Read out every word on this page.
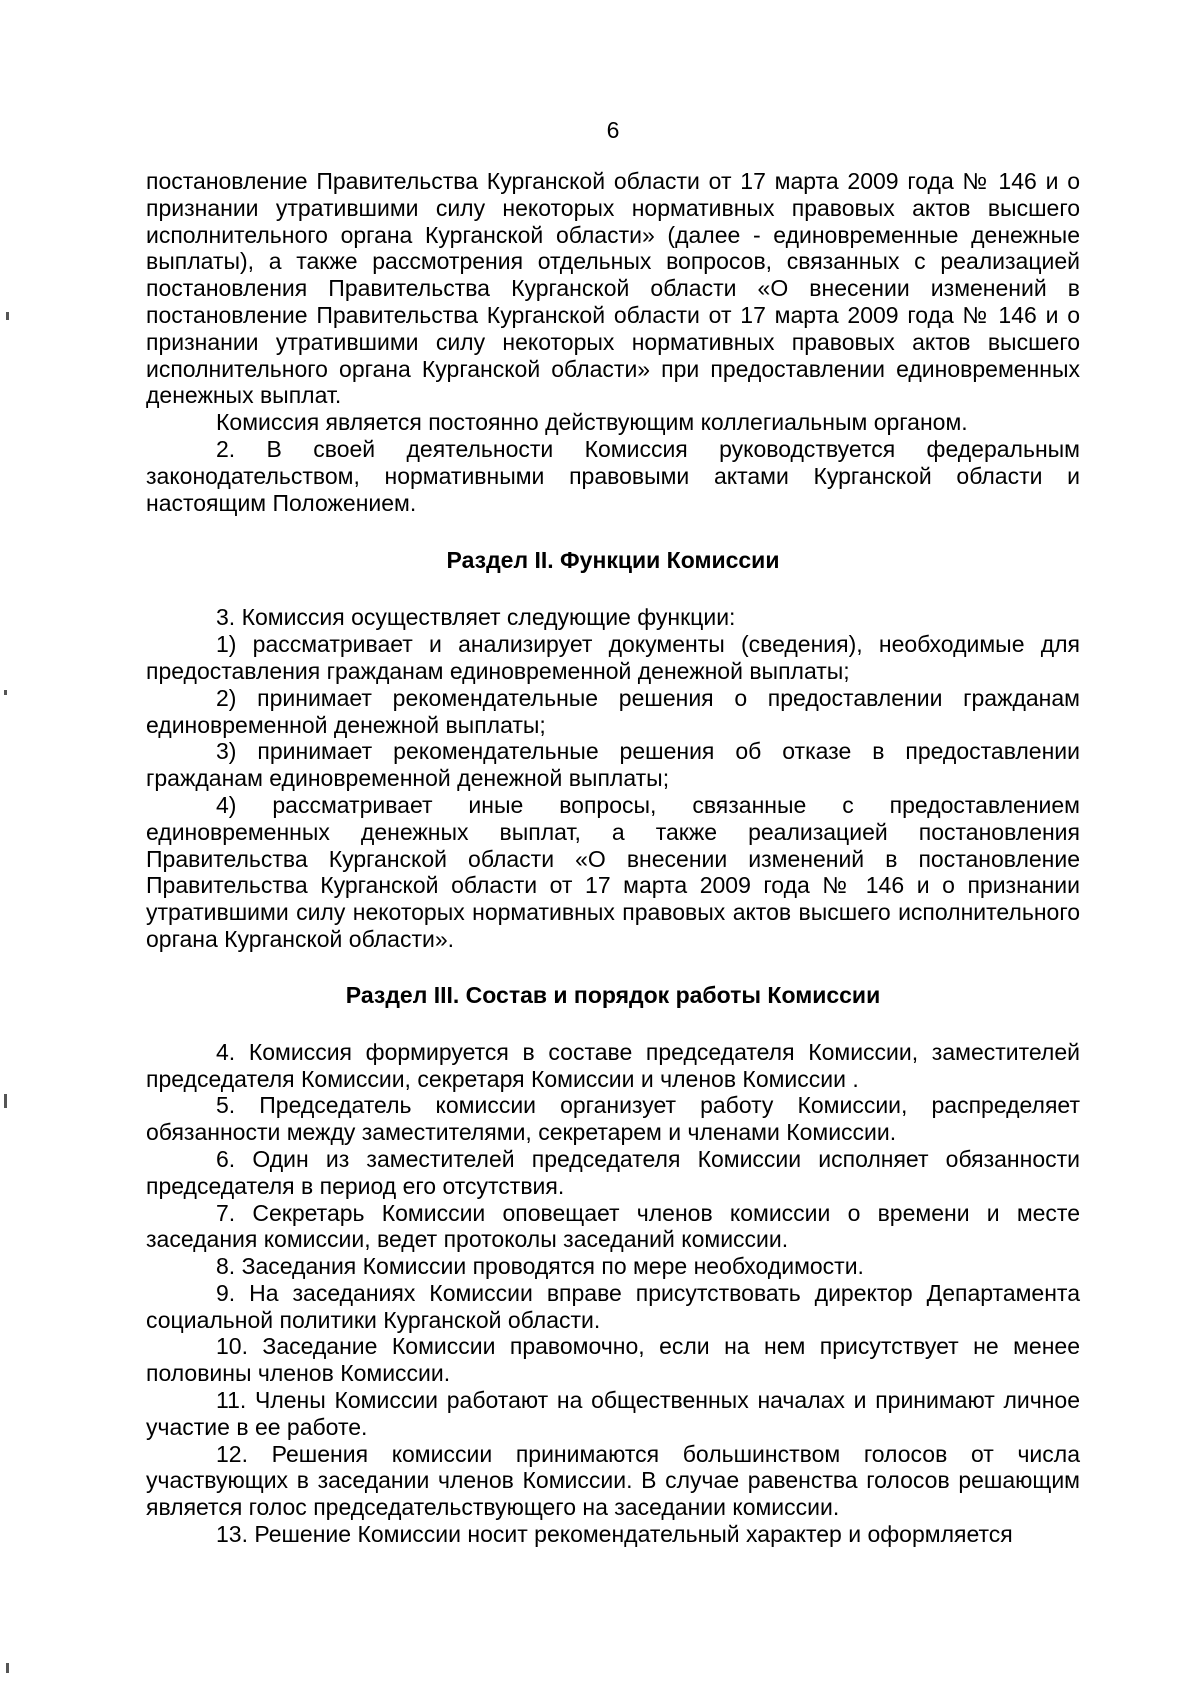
6

постановление Правительства Курганской области от 17 марта 2009 года № 146 и о признании утратившими силу некоторых нормативных правовых актов высшего исполнительного органа Курганской области» (далее - единовременные денежные выплаты), а также рассмотрения отдельных вопросов, связанных с реализацией постановления Правительства Курганской области «О внесении изменений в постановление Правительства Курганской области от 17 марта 2009 года № 146 и о признании утратившими силу некоторых нормативных правовых актов высшего исполнительного органа Курганской области» при предоставлении единовременных денежных выплат.

Комиссия является постоянно действующим коллегиальным органом.

2. В своей деятельности Комиссия руководствуется федеральным законодательством, нормативными правовыми актами Курганской области и настоящим Положением.

Раздел II. Функции Комиссии

3. Комиссия осуществляет следующие функции:

1) рассматривает и анализирует документы (сведения), необходимые для предоставления гражданам единовременной денежной выплаты;

2) принимает рекомендательные решения о предоставлении гражданам единовременной денежной выплаты;

3) принимает рекомендательные решения об отказе в предоставлении гражданам единовременной денежной выплаты;

4) рассматривает иные вопросы, связанные с предоставлением единовременных денежных выплат, а также реализацией постановления Правительства Курганской области «О внесении изменений в постановление Правительства Курганской области от 17 марта 2009 года № 146 и о признании утратившими силу некоторых нормативных правовых актов высшего исполнительного органа Курганской области».

Раздел III. Состав и порядок работы Комиссии

4. Комиссия формируется в составе председателя Комиссии, заместителей председателя Комиссии, секретаря Комиссии и членов Комиссии .

5. Председатель комиссии организует работу Комиссии, распределяет обязанности между заместителями, секретарем и членами Комиссии.

6. Один из заместителей председателя Комиссии исполняет обязанности председателя в период его отсутствия.

7. Секретарь Комиссии оповещает членов комиссии о времени и месте заседания комиссии, ведет протоколы заседаний комиссии.

8. Заседания Комиссии проводятся по мере необходимости.

9. На заседаниях Комиссии вправе присутствовать директор Департамента социальной политики Курганской области.

10. Заседание Комиссии правомочно, если на нем присутствует не менее половины членов Комиссии.

11. Члены Комиссии работают на общественных началах и принимают личное участие в ее работе.

12. Решения комиссии принимаются большинством голосов от числа участвующих в заседании членов Комиссии. В случае равенства голосов решающим является голос председательствующего на заседании комиссии.

13. Решение Комиссии носит рекомендательный характер и оформляется
